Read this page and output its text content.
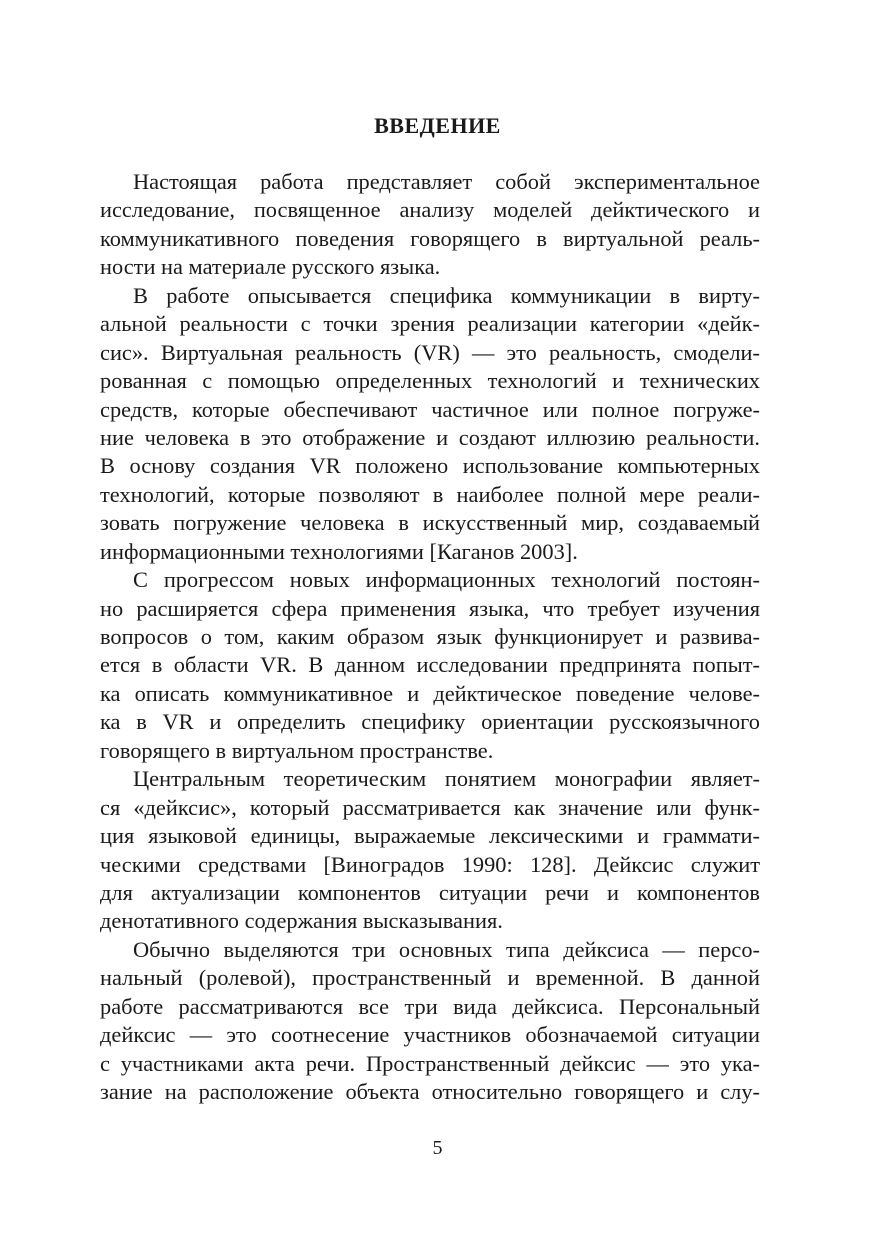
ВВЕДЕНИЕ
Настоящая работа представляет собой экспериментальное
исследование, посвященное анализу моделей дейктического и
коммуникативного поведения говорящего в виртуальной реаль-
ности на материале русского языка.
В работе опысывается специфика коммуникации в вирту-
альной реальности с точки зрения реализации категории «дейк-
сис». Виртуальная реальность (VR) — это реальность, смодели-
рованная с помощью определенных технологий и технических
средств, которые обеспечивают частичное или полное погруже-
ние человека в это отображение и создают иллюзию реальности.
В основу создания VR положено использование компьютерных
технологий, которые позволяют в наиболее полной мере реали-
зовать погружение человека в искусственный мир, создаваемый
информационными технологиями [Каганов 2003].
С прогрессом новых информационных технологий постоян-
но расширяется сфера применения языка, что требует изучения
вопросов о том, каким образом язык функционирует и развива-
ется в области VR. В данном исследовании предпринята попыт-
ка описать коммуникативное и дейктическое поведение челове-
ка в VR и определить специфику ориентации русскоязычного
говорящего в виртуальном пространстве.
Центральным теоретическим понятием монографии являет-
ся «дейксис», который рассматривается как значение или функ-
ция языковой единицы, выражаемые лексическими и граммати-
ческими средствами [Виноградов 1990: 128]. Дейксис служит
для актуализации компонентов ситуации речи и компонентов
денотативного содержания высказывания.
Обычно выделяются три основных типа дейксиса — персо-
нальный (ролевой), пространственный и временной. В данной
работе рассматриваются все три вида дейксиса. Персональный
дейксис — это соотнесение участников обозначаемой ситуации
с участниками акта речи. Пространственный дейксис — это ука-
зание на расположение объекта относительно говорящего и слу-
5
